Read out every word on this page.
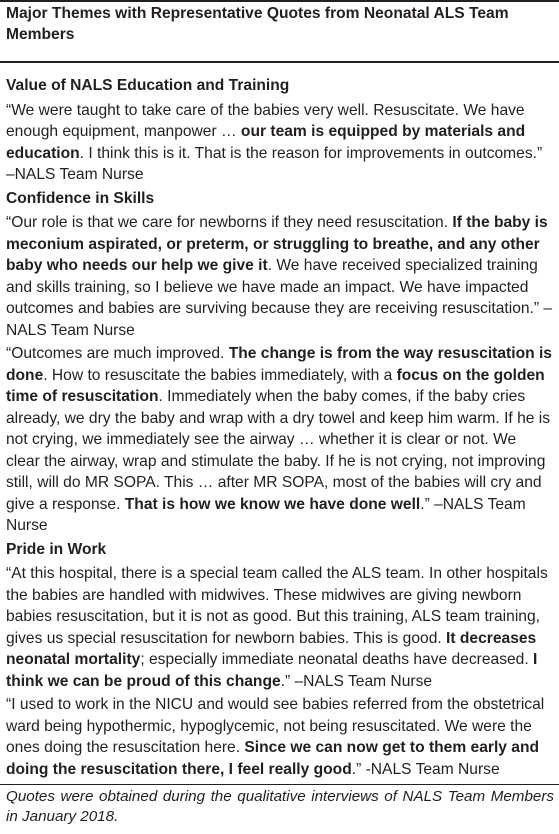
Major Themes with Representative Quotes from Neonatal ALS Team Members
Value of NALS Education and Training
“We were taught to take care of the babies very well. Resuscitate. We have enough equipment, manpower … our team is equipped by materials and education. I think this is it. That is the reason for improvements in outcomes.” –NALS Team Nurse
Confidence in Skills
“Our role is that we care for newborns if they need resuscitation. If the baby is meconium aspirated, or preterm, or struggling to breathe, and any other baby who needs our help we give it. We have received specialized training and skills training, so I believe we have made an impact. We have impacted outcomes and babies are surviving because they are receiving resuscitation.” –NALS Team Nurse
“Outcomes are much improved. The change is from the way resuscitation is done. How to resuscitate the babies immediately, with a focus on the golden time of resuscitation. Immediately when the baby comes, if the baby cries already, we dry the baby and wrap with a dry towel and keep him warm. If he is not crying, we immediately see the airway … whether it is clear or not. We clear the airway, wrap and stimulate the baby. If he is not crying, not improving still, will do MR SOPA. This … after MR SOPA, most of the babies will cry and give a response. That is how we know we have done well.” –NALS Team Nurse
Pride in Work
“At this hospital, there is a special team called the ALS team. In other hospitals the babies are handled with midwives. These midwives are giving newborn babies resuscitation, but it is not as good. But this training, ALS team training, gives us special resuscitation for newborn babies. This is good. It decreases neonatal mortality; especially immediate neonatal deaths have decreased. I think we can be proud of this change.” –NALS Team Nurse
“I used to work in the NICU and would see babies referred from the obstetrical ward being hypothermic, hypoglycemic, not being resuscitated. We were the ones doing the resuscitation here. Since we can now get to them early and doing the resuscitation there, I feel really good.” -NALS Team Nurse
Quotes were obtained during the qualitative interviews of NALS Team Members in January 2018.
